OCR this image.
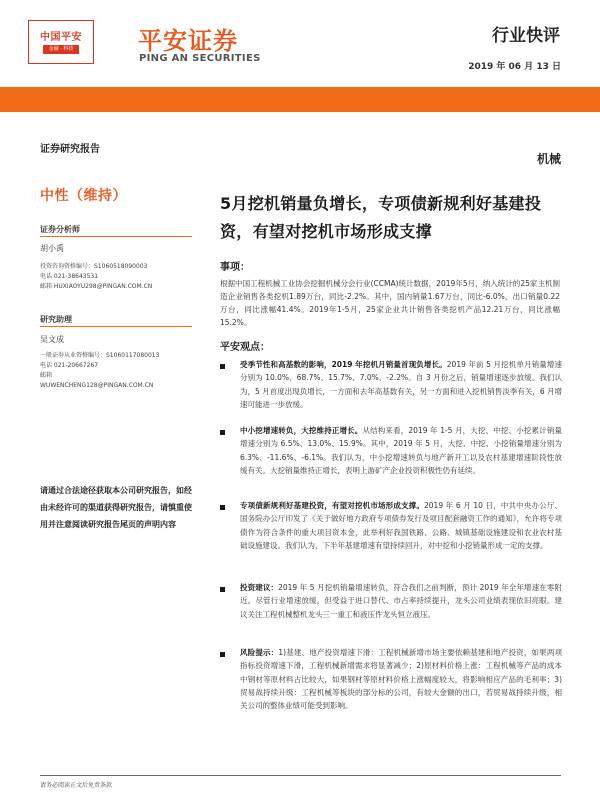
中国平安
金融 · 科技	平安证券
PING AN SECURITIES
行业快评
2019 年 06 月 13 日
证券研究报告
中性（维持）
证券分析师
胡小禹
投资咨询资格编号：S1060518090003
电话 021-38643531
邮箱 HUXIAOYU298@PINGAN.COM.CN
研究助理
吴文成
一般证券从业资格编号：S1060117080013
电话 021-20667267
邮箱
WUWENCHENG128@PINGAN.COM.CN
请通过合法途径获取本公司研究报告，如经由未经许可的渠道获得研究报告，请慎重使用并注意阅读研究报告尾页的声明内容
机械
5月挖机销量负增长，专项债新规利好基建投资，有望对挖机市场形成支撑
事项：
根据中国工程机械工业协会挖掘机械分会行业(CCMA)统计数据，2019年5月，纳入统计的25家主机制造企业销售各类挖机1.89万台，同比-2.2%。其中，国内销量1.67万台，同比-6.0%，出口销量0.22万台，同比涨幅41.4%。2019年1-5月，25家企业共计销售各类挖机产品12.21万台，同比涨幅15.2%。
平安观点：
受季节性和高基数的影响，2019 年挖机月销量首现负增长。2019 年前 5 月挖机单月销量增速分别为 10.0%、68.7%、15.7%、7.0%、-2.2%。自 3 月份之后，销量增速逐步放缓。我们认为，5 月首度出现负增长，一方面和去年高基数有关，另一方面和进入挖机销售淡季有关，6 月增速可能进一步放缓。
中小挖增速转负，大挖维持正增长。从结构来看，2019 年 1-5 月，大挖、中挖、小挖累计销量增速分别为 6.5%、13.0%、15.9%。其中，2019 年 5 月，大挖、中挖、小挖销量增速分别为 6.3%、-11.6%、-6.1%。我们认为，中小挖增速转负与地产新开工以及农村基建增速阶段性放缓有关。大挖销量维持正增长，表明上游矿产企业投资积极性仍有延续。
专项债新规利好基建投资，有望对挖机市场形成支撑。2019 年 6 月 10 日，中共中央办公厅、国务院办公厅印发了《关于做好地方政府专项债券发行及项目配套融资工作的通知》，允许将专项债作为符合条件的重大项目资本金，此举利好我国铁路、公路、城镇基础设施建设和农业农村基础设施建设。我们认为，下半年基建增速有望持续回升，对中挖和小挖销量形成一定的支撑。
投资建议：2019 年 5 月挖机销量增速转负，符合我们之前判断，预计 2019 年全年增速在零附近。尽管行业增速放缓，但受益于进口替代、市占率持续提升，龙头公司业绩表现依旧亮眼。建议关注工程机械整机龙头三一重工和液压件龙头恒立液压。
风险提示：1)基建、地产投资增速下滑：工程机械新增市场主要依赖基建和地产投资，如果两项指标投资增速下滑，工程机械新增需求将显著减少；2)原材料价格上涨：工程机械等产品的成本中钢材等原材料占比较大，如果钢材等原材料价格上涨幅度较大，将影响相应产品的毛利率；3)贸易战持续升级：工程机械等板块的部分标的公司，有较大金额的出口，若贸易战持续升级，相关公司的整体业绩可能受到影响。
请务必阅读正文后免责条款
